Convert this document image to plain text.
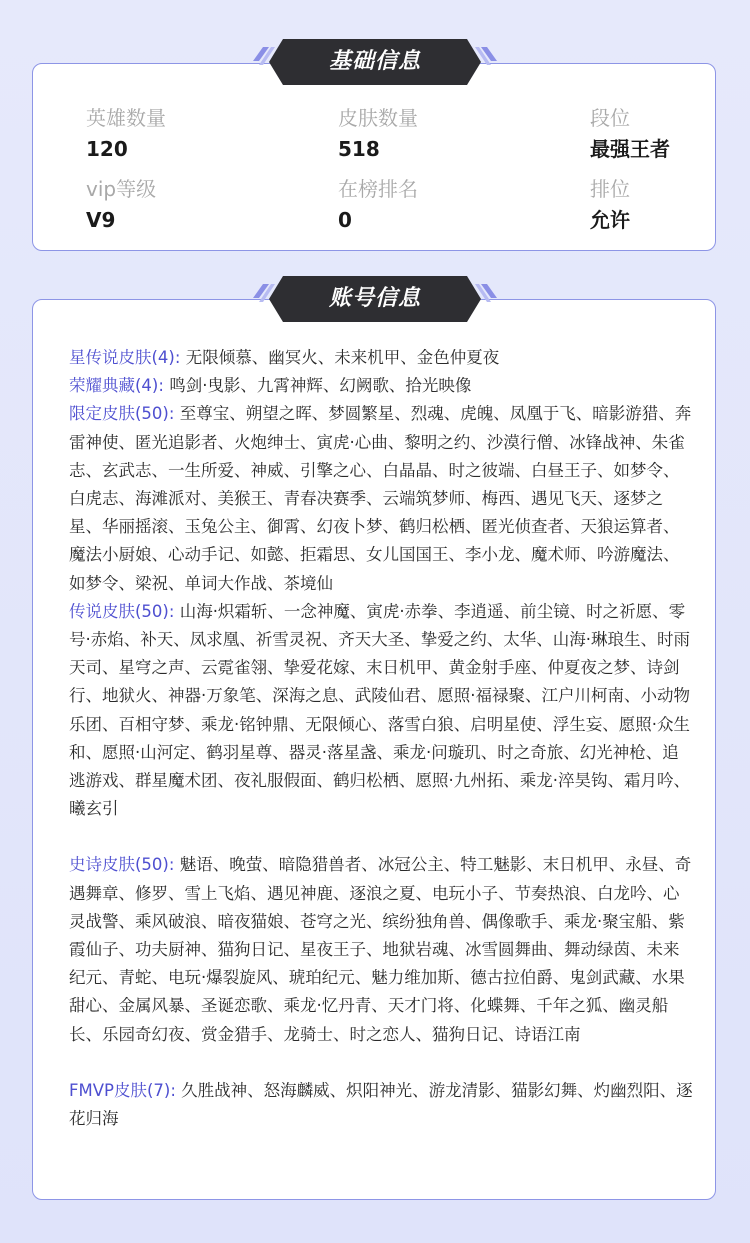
英雄数量
120
皮肤数量
518
段位
最强王者
vip等级
V9
在榜排名
0
排位
允许
基础信息

星传说皮肤(4): 无限倾慕、幽冥火、未来机甲、金色仲夏夜

荣耀典藏(4): 鸣剑·曳影、九霄神辉、幻阙歌、拾光映像

限定皮肤(50): 至尊宝、朔望之晖、梦圆繁星、烈魂、虎魄、凤凰于飞、暗影游猎、奔雷神使、匿光追影者、火炮绅士、寅虎·心曲、黎明之约、沙漠行僧、冰锋战神、朱雀志、玄武志、一生所爱、神威、引擎之心、白晶晶、时之彼端、白昼王子、如梦令、白虎志、海滩派对、美猴王、青春决赛季、云端筑梦师、梅西、遇见飞天、逐梦之星、华丽摇滚、玉兔公主、御霄、幻夜卜梦、鹤归松栖、匿光侦查者、天狼运算者、魔法小厨娘、心动手记、如懿、拒霜思、女儿国国王、李小龙、魔术师、吟游魔法、如梦令、梁祝、单词大作战、茶境仙

传说皮肤(50): 山海·炽霜斩、一念神魔、寅虎·赤拳、李逍遥、前尘镜、时之祈愿、零号·赤焰、补天、凤求凰、祈雪灵祝、齐天大圣、挚爱之约、太华、山海·琳琅生、时雨天司、星穹之声、云霓雀翎、挚爱花嫁、末日机甲、黄金射手座、仲夏夜之梦、诗剑行、地狱火、神器·万象笔、深海之息、武陵仙君、愿照·福禄聚、江户川柯南、小动物乐团、百相守梦、乘龙·铭钟鼎、无限倾心、落雪白狼、启明星使、浮生妄、愿照·众生和、愿照·山河定、鹤羽星尊、器灵·落星盏、乘龙·问璇玑、时之奇旅、幻光神枪、追逃游戏、群星魔术团、夜礼服假面、鹤归松栖、愿照·九州拓、乘龙·淬昊钩、霜月吟、曦玄引

史诗皮肤(50): 魅语、晚萤、暗隐猎兽者、冰冠公主、特工魅影、末日机甲、永昼、奇遇舞章、修罗、雪上飞焰、遇见神鹿、逐浪之夏、电玩小子、节奏热浪、白龙吟、心灵战警、乘风破浪、暗夜猫娘、苍穹之光、缤纷独角兽、偶像歌手、乘龙·聚宝船、紫霞仙子、功夫厨神、猫狗日记、星夜王子、地狱岩魂、冰雪圆舞曲、舞动绿茵、未来纪元、青蛇、电玩·爆裂旋风、琥珀纪元、魅力维加斯、德古拉伯爵、鬼剑武藏、水果甜心、金属风暴、圣诞恋歌、乘龙·忆丹青、天才门将、化蝶舞、千年之狐、幽灵船长、乐园奇幻夜、赏金猎手、龙骑士、时之恋人、猫狗日记、诗语江南

FMVP皮肤(7): 久胜战神、怒海麟威、炽阳神光、游龙清影、猫影幻舞、灼幽烈阳、逐花归海

账号信息
